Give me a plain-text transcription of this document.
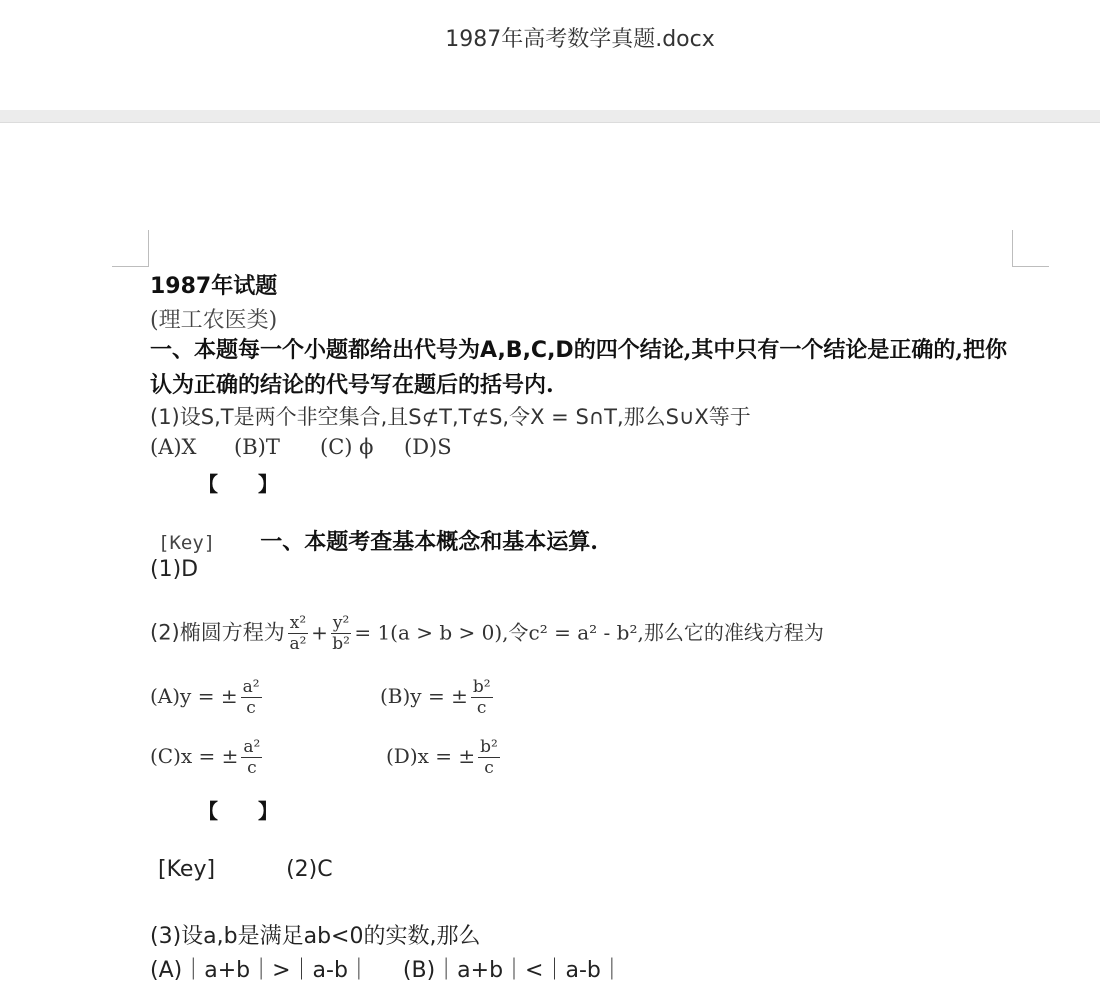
1987年高考数学真题.docx
1987年试题
(理工农医类)
一、本题每一个小题都给出代号为A,B,C,D的四个结论,其中只有一个结论是正确的,把你认为正确的结论的代号写在题后的括号内.
(1)设S,T是两个非空集合,且S⊄T,T⊄S,令X = S∩T,那么S∪X等于
(A)X (B)T (C) ϕ (D)S
【　　】
[Key] 一、本题考查基本概念和基本运算.
(1)D
(2)椭圆方程为 $\frac{\text{x²}}{\text{a²}} + \frac{\text{y²}}{\text{b²}} = 1(a > b > 0)$,令c² = a² - b²,那么它的准线方程为
(A)y = ± $\frac{\text{a²}}{c}$	(B)y = ± $\frac{\text{b²}}{c}$
(C)x = ± $\frac{\text{a²}}{c}$	(D)x = ± $\frac{\text{b²}}{c}$
【　　】
[Key]	(2)C
(3)设a,b是满足ab<0的实数,那么
(A)｜a+b｜>｜a-b｜ (B)｜a+b｜<｜a-b｜
